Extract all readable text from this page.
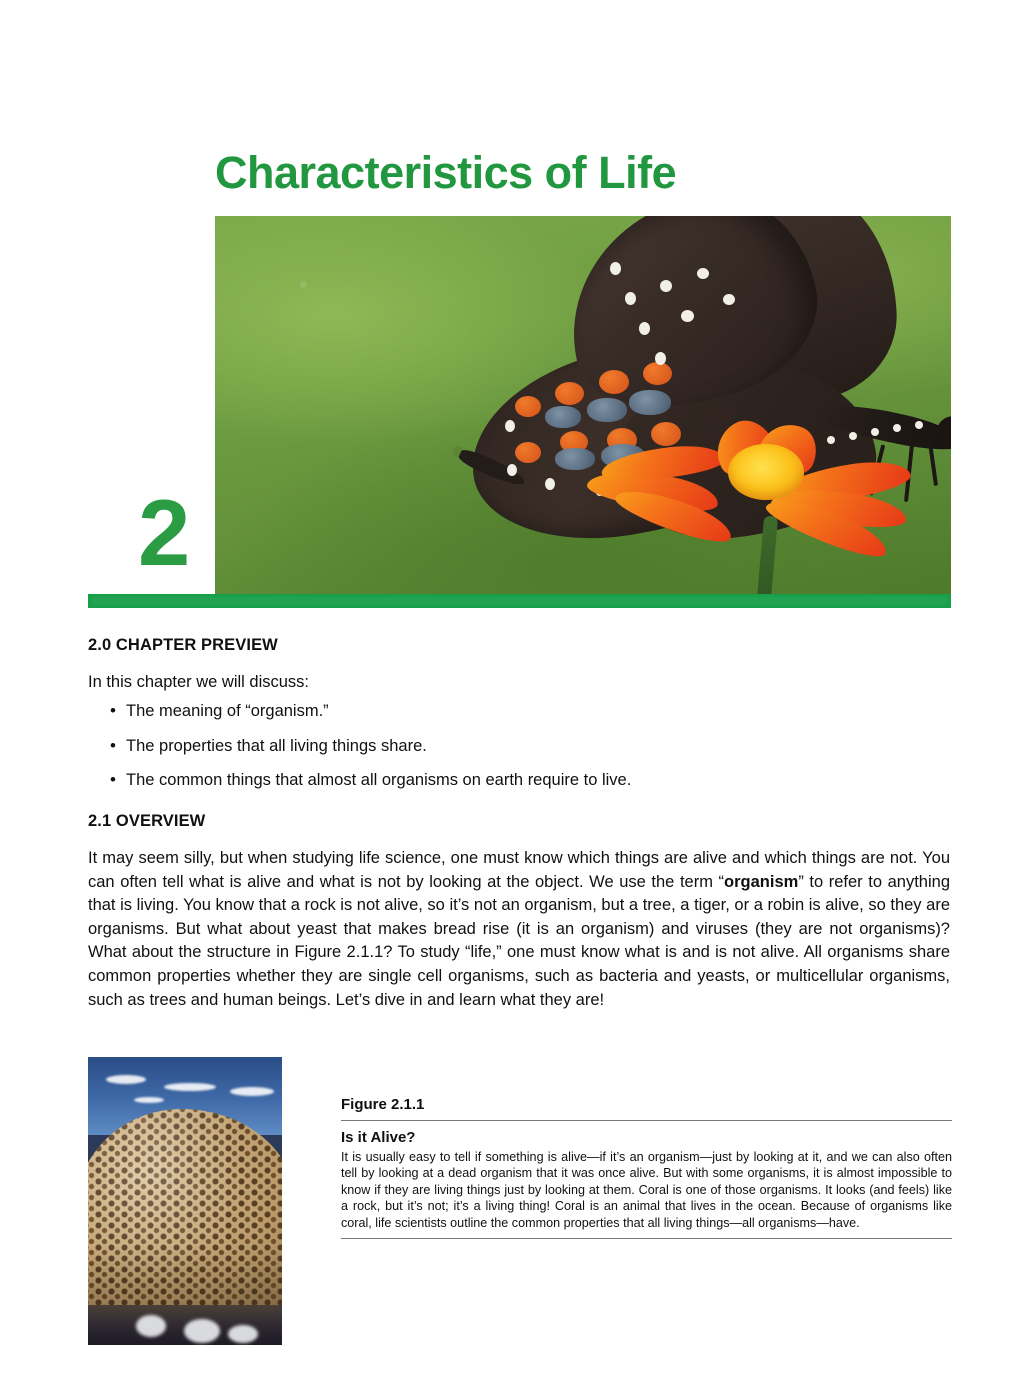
Characteristics of Life
2
2.0 CHAPTER PREVIEW
In this chapter we will discuss:
• The meaning of “organism.”
• The properties that all living things share.
• The common things that almost all organisms on earth require to live.
2.1 OVERVIEW

It may seem silly, but when studying life science, one must know which things are alive and which things are not. You can often tell what is alive and what is not by looking at the object. We use the term “organism” to refer to anything that is living. You know that a rock is not alive, so it’s not an organism, but a tree, a tiger, or a robin is alive, so they are organisms. But what about yeast that makes bread rise (it is an organism) and viruses (they are not organisms)? What about the structure in Figure 2.1.1? To study “life,” one must know what is and is not alive. All organisms share common properties whether they are single cell organisms, such as bacteria and yeasts, or multicellular organisms, such as trees and human beings. Let’s dive in and learn what they are!

Figure 2.1.1
Is it Alive?

It is usually easy to tell if something is alive—if it’s an organism—just by looking at it, and we can also often tell by looking at a dead organism that it was once alive. But with some organisms, it is almost impossible to know if they are living things just by looking at them. Coral is one of those organisms. It looks (and feels) like a rock, but it’s not; it’s a living thing! Coral is an animal that lives in the ocean. Because of organisms like coral, life scientists outline the common properties that all living things—all organisms—have.
